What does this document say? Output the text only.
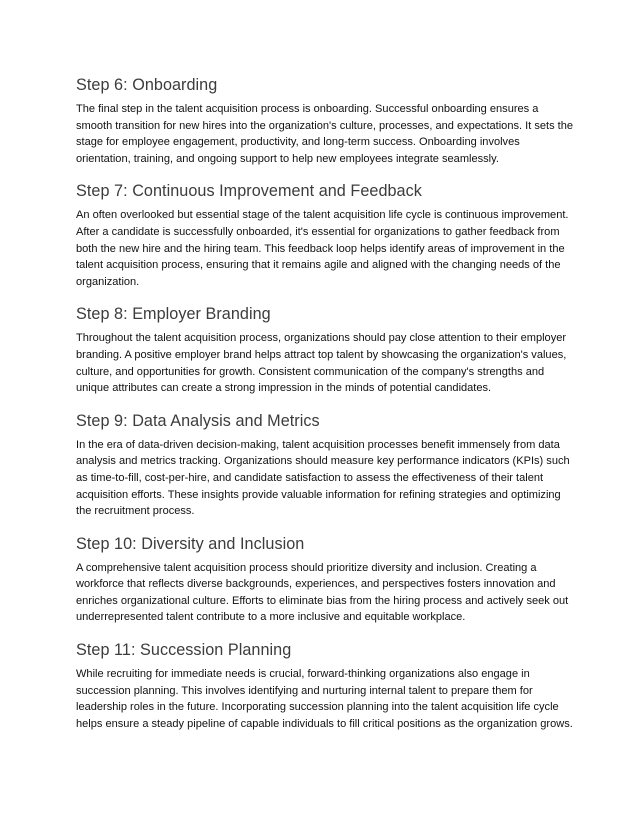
Step 6: Onboarding

The final step in the talent acquisition process is onboarding. Successful onboarding ensures a smooth transition for new hires into the organization's culture, processes, and expectations. It sets the stage for employee engagement, productivity, and long-term success. Onboarding involves orientation, training, and ongoing support to help new employees integrate seamlessly.

Step 7: Continuous Improvement and Feedback

An often overlooked but essential stage of the talent acquisition life cycle is continuous improvement. After a candidate is successfully onboarded, it's essential for organizations to gather feedback from both the new hire and the hiring team. This feedback loop helps identify areas of improvement in the talent acquisition process, ensuring that it remains agile and aligned with the changing needs of the organization.

Step 8: Employer Branding

Throughout the talent acquisition process, organizations should pay close attention to their employer branding. A positive employer brand helps attract top talent by showcasing the organization's values, culture, and opportunities for growth. Consistent communication of the company's strengths and unique attributes can create a strong impression in the minds of potential candidates.

Step 9: Data Analysis and Metrics

In the era of data-driven decision-making, talent acquisition processes benefit immensely from data analysis and metrics tracking. Organizations should measure key performance indicators (KPIs) such as time-to-fill, cost-per-hire, and candidate satisfaction to assess the effectiveness of their talent acquisition efforts. These insights provide valuable information for refining strategies and optimizing the recruitment process.

Step 10: Diversity and Inclusion

A comprehensive talent acquisition process should prioritize diversity and inclusion. Creating a workforce that reflects diverse backgrounds, experiences, and perspectives fosters innovation and enriches organizational culture. Efforts to eliminate bias from the hiring process and actively seek out underrepresented talent contribute to a more inclusive and equitable workplace.

Step 11: Succession Planning

While recruiting for immediate needs is crucial, forward-thinking organizations also engage in succession planning. This involves identifying and nurturing internal talent to prepare them for leadership roles in the future. Incorporating succession planning into the talent acquisition life cycle helps ensure a steady pipeline of capable individuals to fill critical positions as the organization grows.
